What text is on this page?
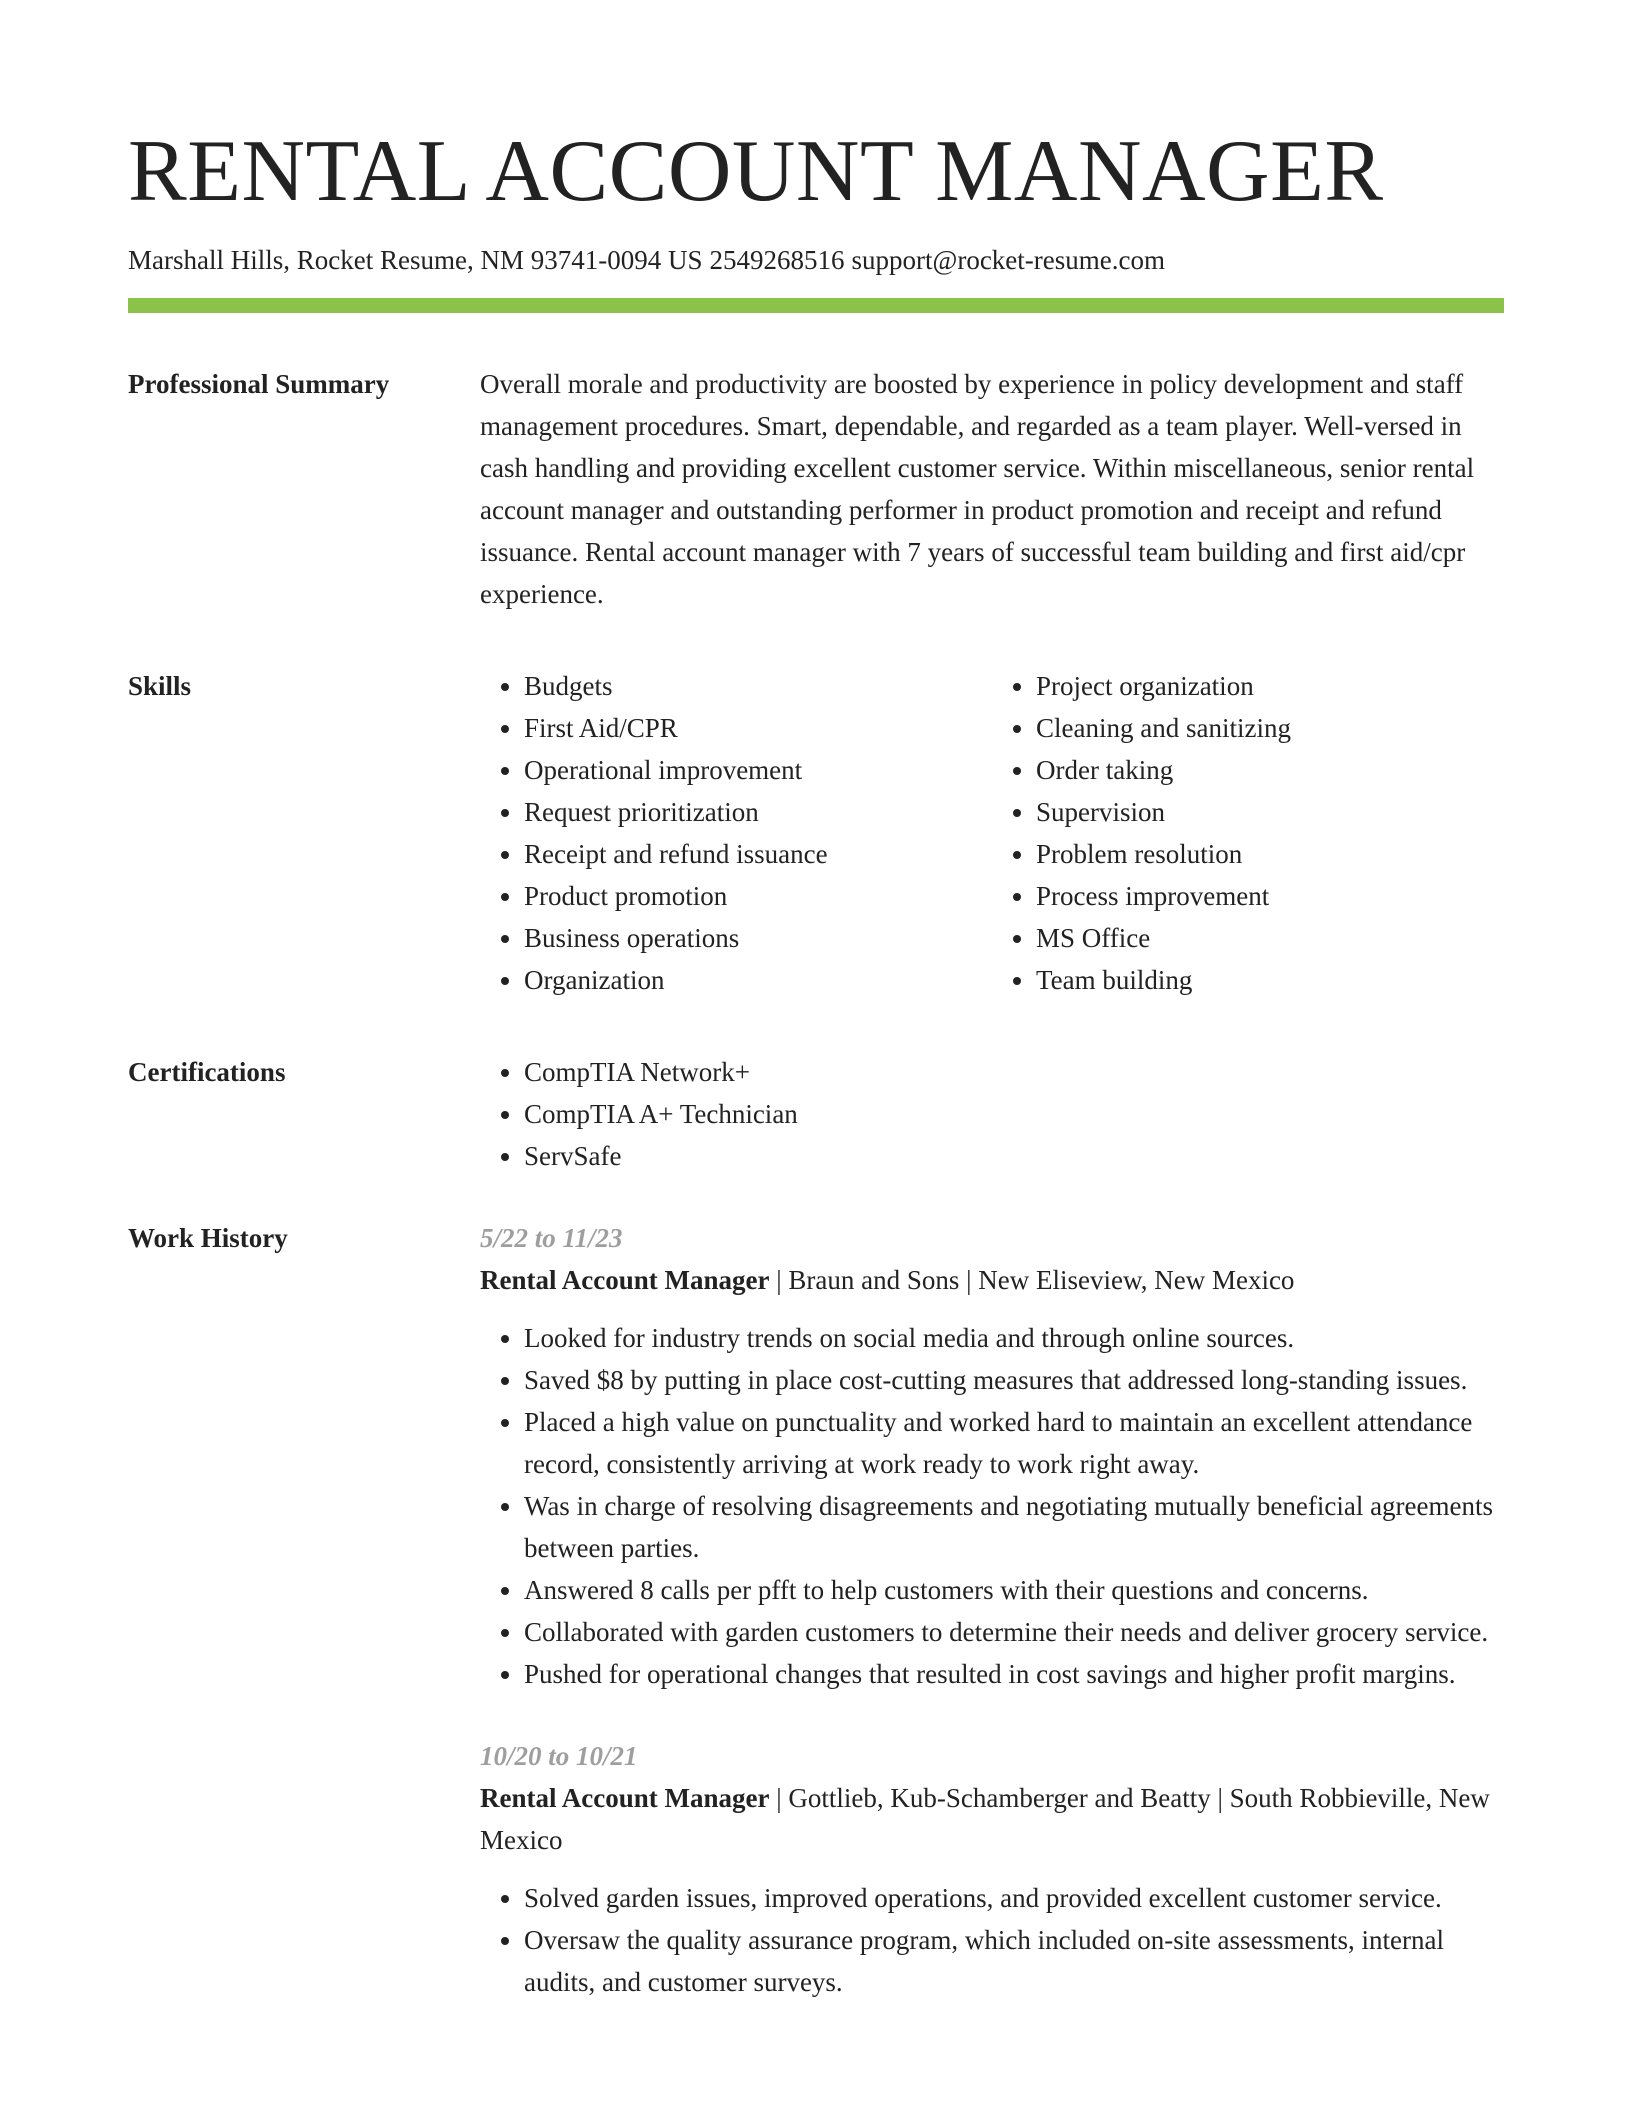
RENTAL ACCOUNT MANAGER
Marshall Hills, Rocket Resume, NM 93741-0094 US 2549268516 support@rocket-resume.com
Professional Summary	Overall morale and productivity are boosted by experience in policy development and staff management procedures. Smart, dependable, and regarded as a team player. Well-versed in cash handling and providing excellent customer service. Within miscellaneous, senior rental account manager and outstanding performer in product promotion and receipt and refund issuance. Rental account manager with 7 years of successful team building and first aid/cpr experience.

Skills	• Budgets
• First Aid/CPR
• Operational improvement
• Request prioritization
• Receipt and refund issuance
• Product promotion
• Business operations
• Organization
• Project organization
• Cleaning and sanitizing
• Order taking
• Supervision
• Problem resolution
• Process improvement
• MS Office
• Team building
Certifications	• CompTIA Network+
• CompTIA A+ Technician
• ServSafe
Work History	5/22 to 11/23
Rental Account Manager | Braun and Sons | New Eliseview, New Mexico
• Looked for industry trends on social media and through online sources.
• Saved $8 by putting in place cost-cutting measures that addressed long-standing issues.
• Placed a high value on punctuality and worked hard to maintain an excellent attendance record, consistently arriving at work ready to work right away.
• Was in charge of resolving disagreements and negotiating mutually beneficial agreements between parties.
• Answered 8 calls per pfft to help customers with their questions and concerns.
• Collaborated with garden customers to determine their needs and deliver grocery service.
• Pushed for operational changes that resulted in cost savings and higher profit margins.
10/20 to 10/21
Rental Account Manager | Gottlieb, Kub-Schamberger and Beatty | South Robbieville, New Mexico
• Solved garden issues, improved operations, and provided excellent customer service.
• Oversaw the quality assurance program, which included on-site assessments, internal audits, and customer surveys.
